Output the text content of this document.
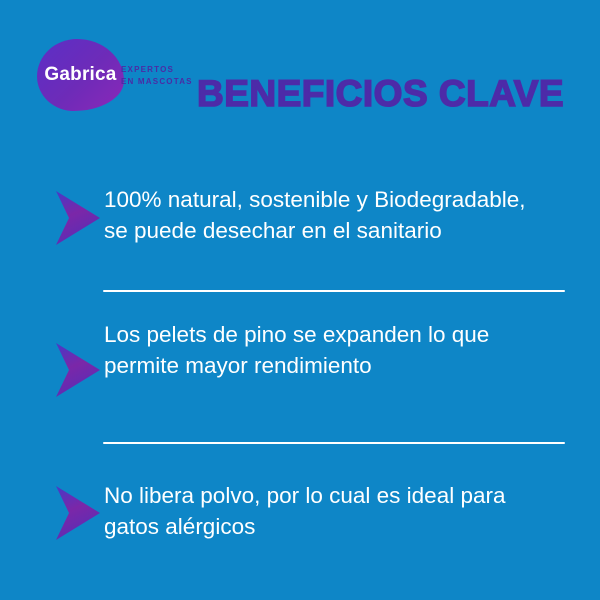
Gabrica EXPERTOS
EN MASCOTAS BENEFICIOS CLAVE
100% natural, sostenible y Biodegradable,
se puede desechar en el sanitario
Los pelets de pino se expanden lo que
permite mayor rendimiento
No libera polvo, por lo cual es ideal para
gatos alérgicos
